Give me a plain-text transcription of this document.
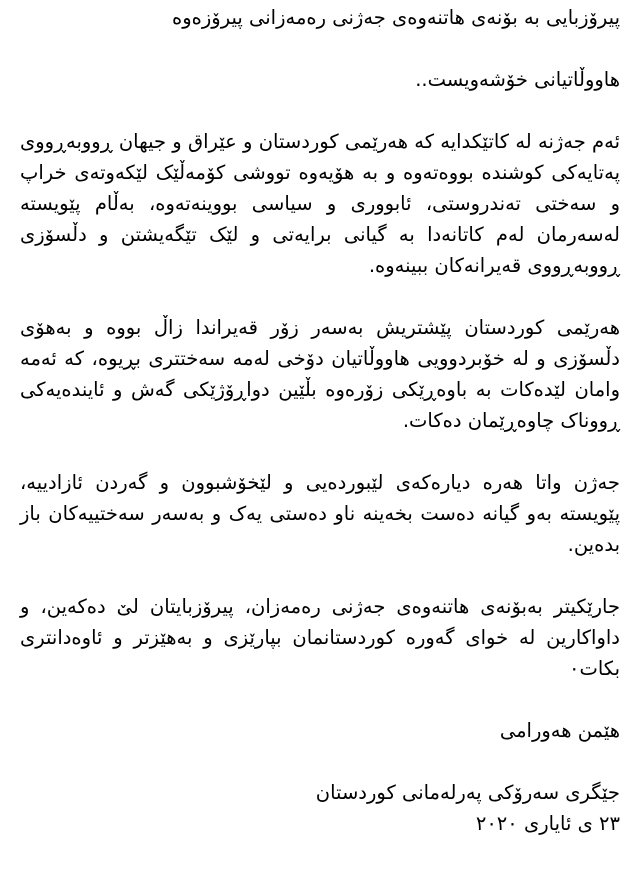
پیرۆزبایی بە بۆنەی هاتنەوەی جەژنی رەمەزانی پیرۆزەوە

هاووڵاتیانی خۆشەویست..

ئەم جەژنە لە کاتێکدایە کە هەرێمی کوردستان و عێراق و جیهان ڕووبەڕووی پەتایەکی کوشندە بووەتەوە و بە هۆیەوە تووشی کۆمەڵێک لێکەوتەی خراپ و سەختی تەندروستی، ئابووری و سیاسی بووینەتەوە، بەڵام پێویستە لەسەرمان لەم کاتانەدا بە گیانی برایەتی و لێک تێگەیشتن و دڵسۆزی ڕووبەڕووی قەیرانەکان ببینەوە.

هەرێمی کوردستان پێشتریش بەسەر زۆر قەیراندا زاڵ بووە و بەهۆی دڵسۆزی و لە خۆبردوویی هاووڵاتیان دۆخی لەمە سەختتری بڕیوە، کە ئەمە وامان لێدەکات بە باوەڕێکی زۆرەوە بڵێین دواڕۆژێکی گەش و ئایندەیەکی ڕووناک چاوەڕێمان دەکات.

جەژن واتا هەرە دیارەکەی لێبوردەیی و لێخۆشبوون و گەردن ئازادییە، پێویستە بەو گیانە دەست بخەینە ناو دەستی یەک و بەسەر سەختییەکان باز بدەین.

جارێکیتر بەبۆنەی هاتنەوەی جەژنی رەمەزان، پیرۆزبایتان لێ دەکەین، و داواکارین لە خوای گەورە کوردستانمان بپارێزی و بەهێزتر و ئاوەدانتری بکات٠

هێمن هەورامی

جێگری سەرۆکی پەرلەمانی کوردستان

٢٣ ی ئایاری ٢٠٢٠
